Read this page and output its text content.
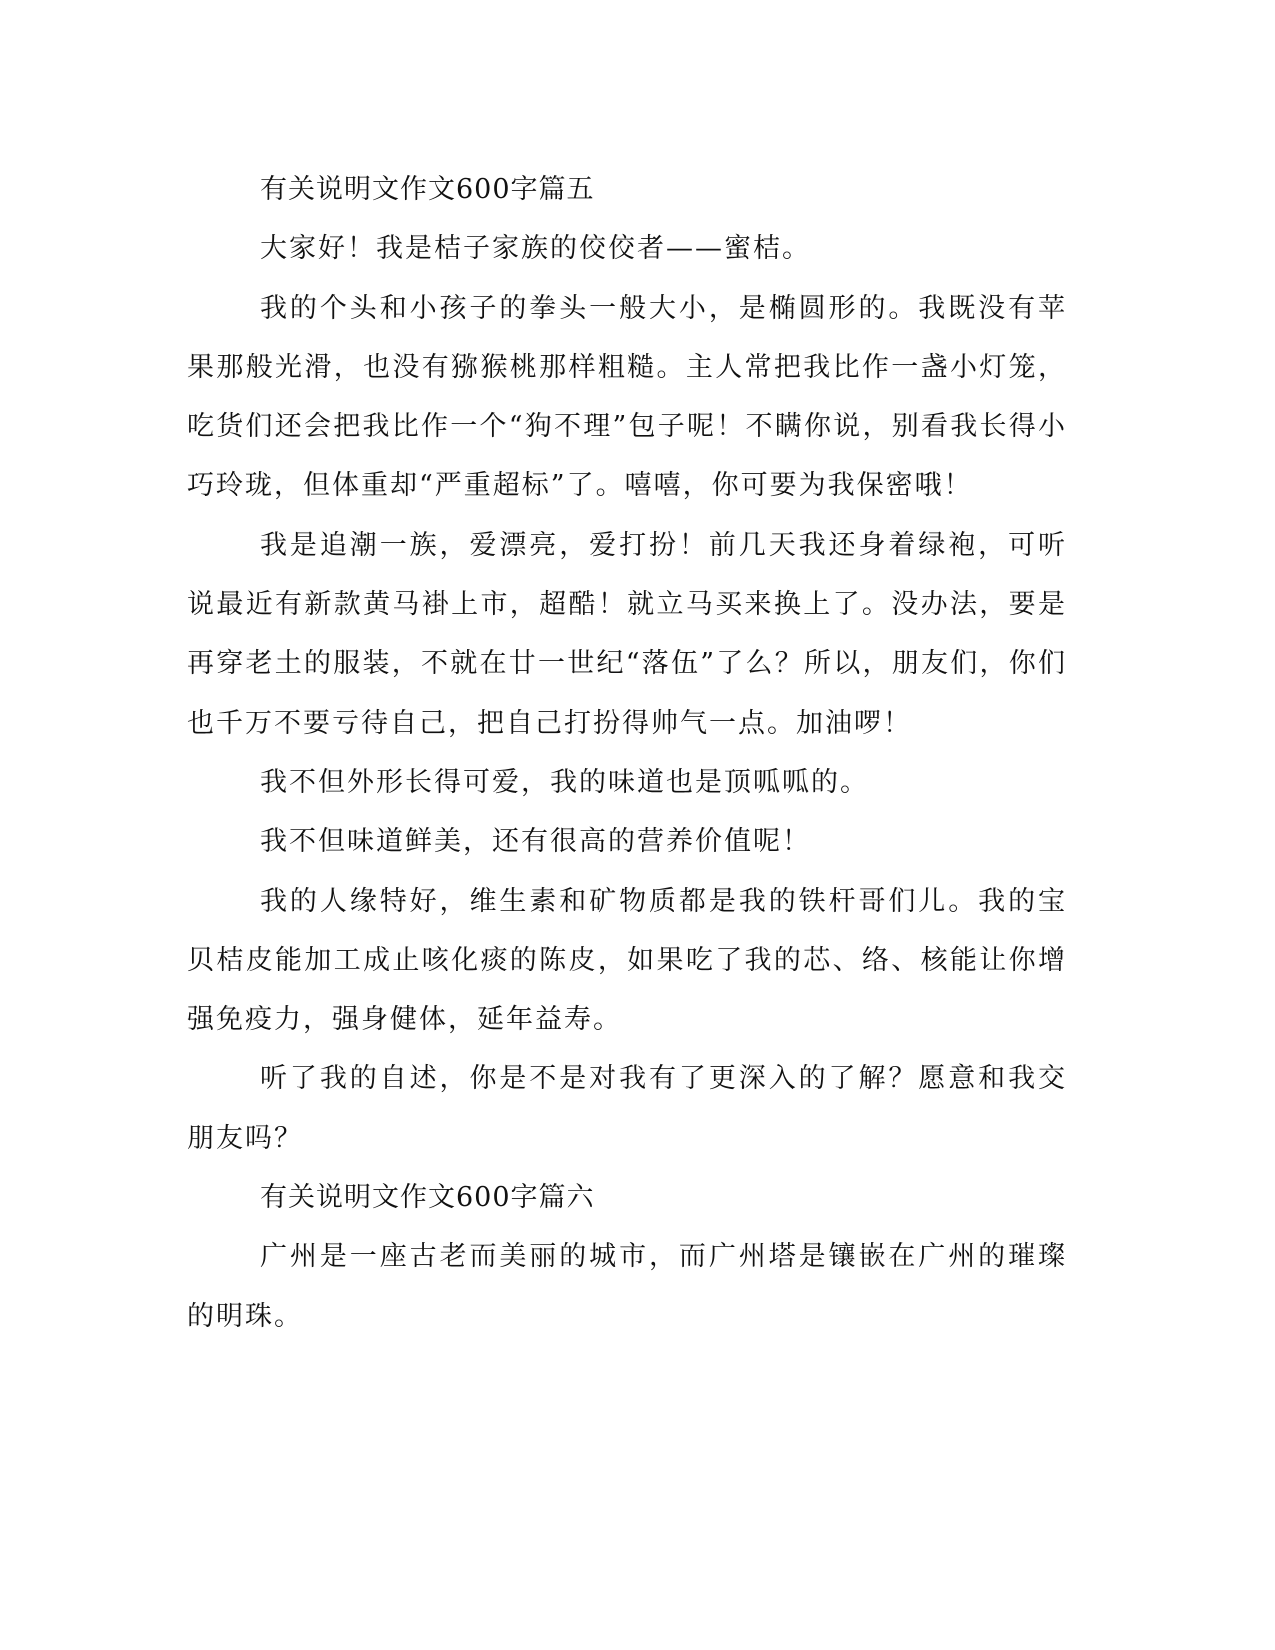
有关说明文作文600字篇五

大家好！我是桔子家族的佼佼者——蜜桔。

我的个头和小孩子的拳头一般大小，是椭圆形的。我既没有苹果那般光滑，也没有猕猴桃那样粗糙。主人常把我比作一盏小灯笼，吃货们还会把我比作一个“狗不理”包子呢！不瞒你说，别看我长得小巧玲珑，但体重却“严重超标”了。嘻嘻，你可要为我保密哦！

我是追潮一族，爱漂亮，爱打扮！前几天我还身着绿袍，可听说最近有新款黄马褂上市，超酷！就立马买来换上了。没办法，要是再穿老土的服装，不就在廿一世纪“落伍”了么？所以，朋友们，你们也千万不要亏待自己，把自己打扮得帅气一点。加油啰！

我不但外形长得可爱，我的味道也是顶呱呱的。

我不但味道鲜美，还有很高的营养价值呢！

我的人缘特好，维生素和矿物质都是我的铁杆哥们儿。我的宝贝桔皮能加工成止咳化痰的陈皮，如果吃了我的芯、络、核能让你增强免疫力，强身健体，延年益寿。

听了我的自述，你是不是对我有了更深入的了解？愿意和我交朋友吗？

有关说明文作文600字篇六

广州是一座古老而美丽的城市，而广州塔是镶嵌在广州的璀璨的明珠。
